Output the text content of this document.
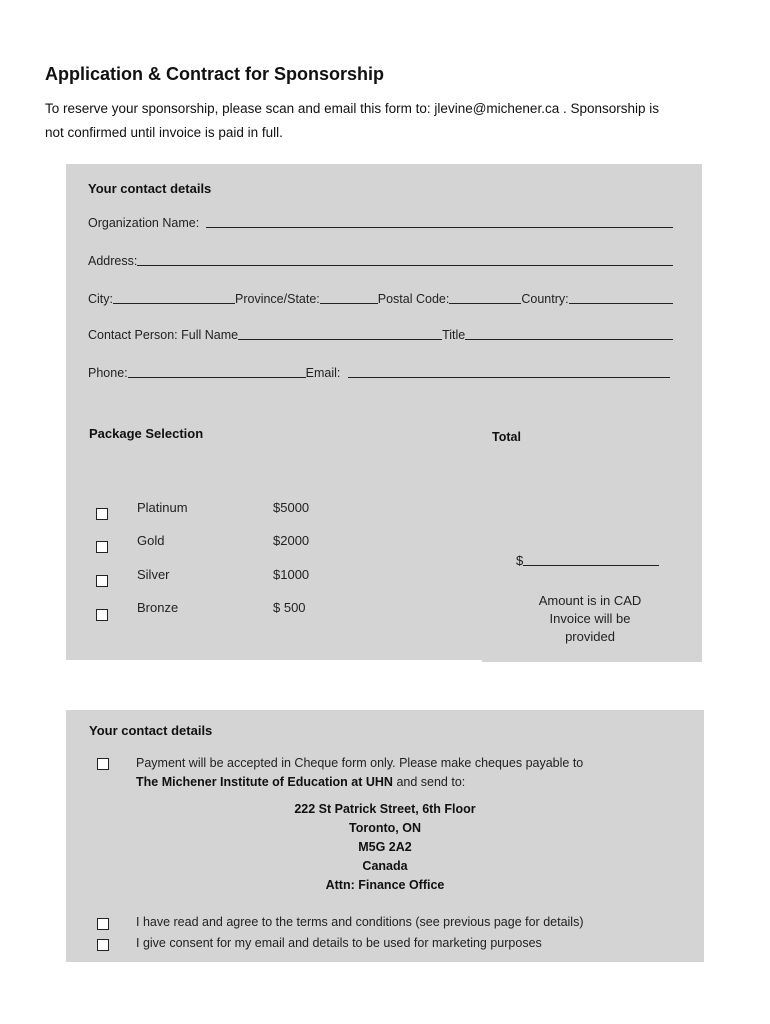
Application & Contract for Sponsorship
To reserve your sponsorship, please scan and email this form to: jlevine@michener.ca . Sponsorship is
not confirmed until invoice is paid in full.
Your contact details
Organization Name:
Address:
City:	Province/State:	Postal Code:	Country:
Contact Person: Full Name	Title
Phone:	Email:
Package Selection	Total
Platinum	$5000
Gold	$2000
Silver	$1000
Bronze	$ 500
$
Amount is in CAD
Invoice will be
provided
Your contact details
Payment will be accepted in Cheque form only. Please make cheques payable to
The Michener Institute of Education at UHN and send to:
222 St Patrick Street, 6th Floor
Toronto, ON
M5G 2A2
Canada
Attn: Finance Office
I have read and agree to the terms and conditions (see previous page for details)
I give consent for my email and details to be used for marketing purposes
